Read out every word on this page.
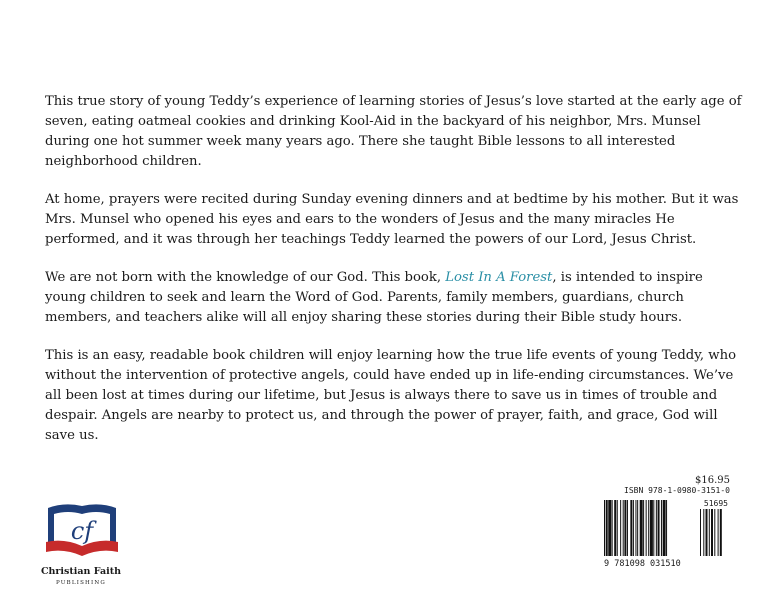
This true story of young Teddy’s experience of learning stories of Jesus’s love started at the early age of seven, eating oatmeal cookies and drinking Kool-Aid in the backyard of his neighbor, Mrs. Munsel during one hot summer week many years ago. There she taught Bible lessons to all interested neighborhood children.

At home, prayers were recited during Sunday evening dinners and at bedtime by his mother. But it was Mrs. Munsel who opened his eyes and ears to the wonders of Jesus and the many miracles He performed, and it was through her teachings Teddy learned the powers of our Lord, Jesus Christ.

We are not born with the knowledge of our God. This book, Lost In A Forest, is intended to inspire young children to seek and learn the Word of God. Parents, family members, guardians, church members, and teachers alike will all enjoy sharing these stories during their Bible study hours.

This is an easy, readable book children will enjoy learning how the true life events of young Teddy, who without the intervention of protective angels, could have ended up in life-ending circumstances. We’ve all been lost at times during our lifetime, but Jesus is always there to save us in times of trouble and despair. Angels are nearby to protect us, and through the power of prayer, faith, and grace, God will save us.

cf
Christian Faith
PUBLISHING
$16.95
ISBN 978-1-0980-3151-0
51695
9 781098 031510
